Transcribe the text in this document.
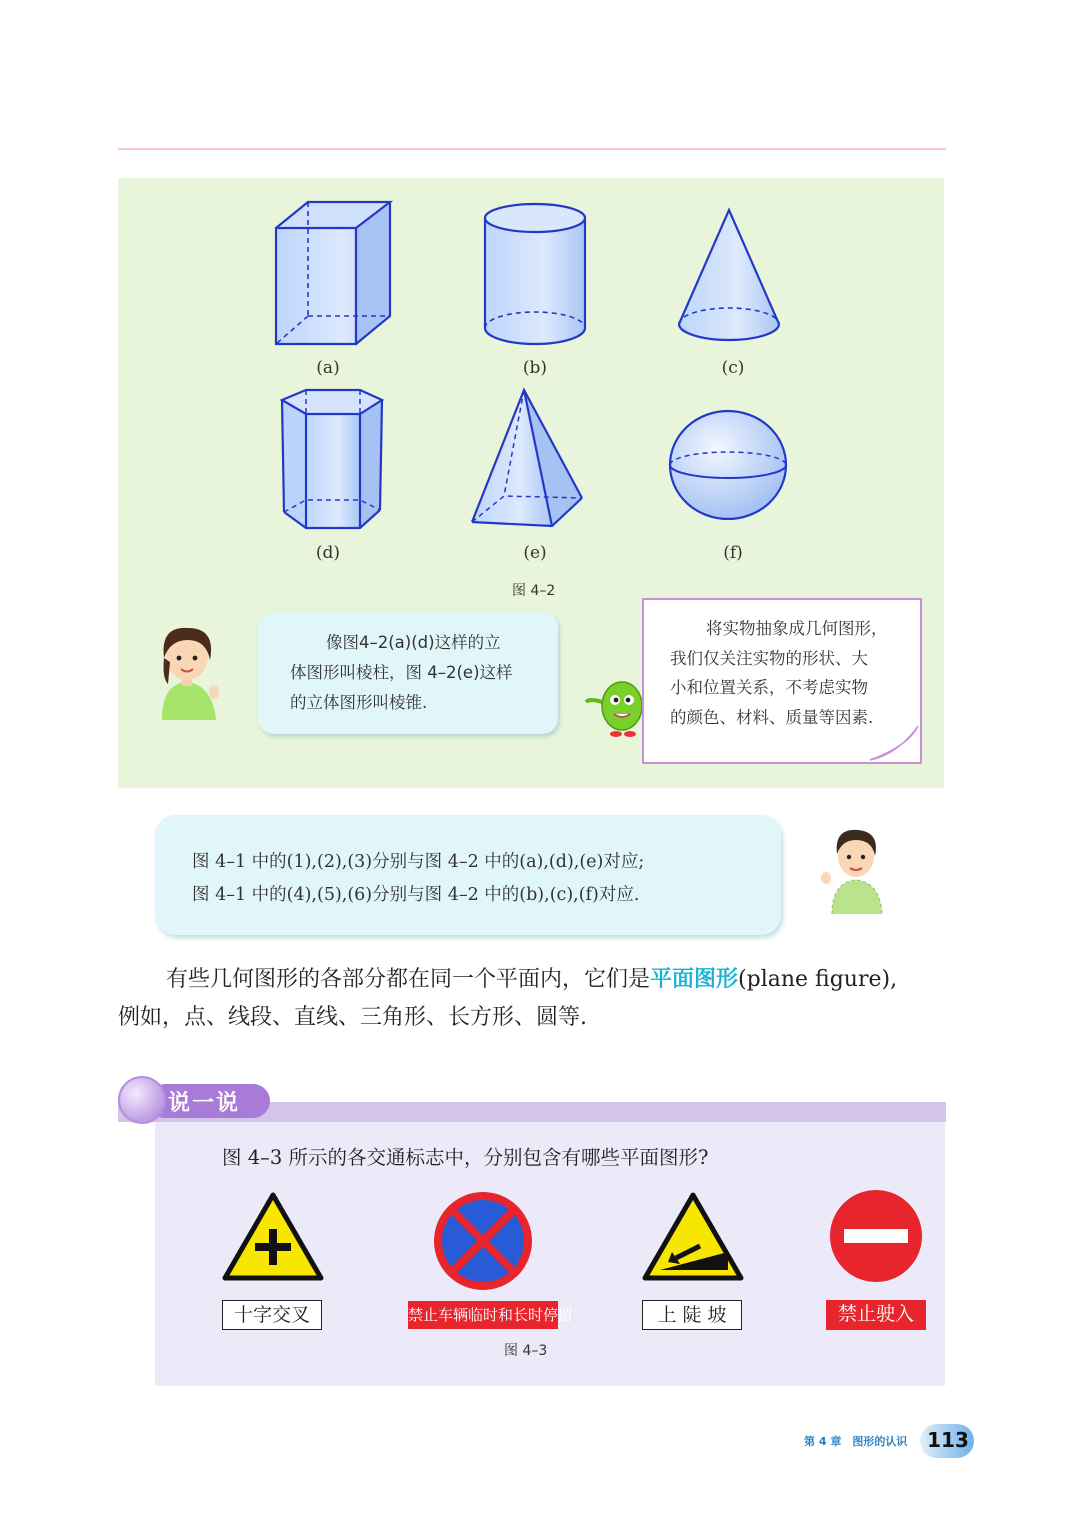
(a)	(b)	(c)
(d)	(e)	(f)
图 4–2
像图4–2(a)(d)这样的立
体图形叫棱柱，图 4–2(e)这样
的立体图形叫棱锥.
将实物抽象成几何图形，
我们仅关注实物的形状、大
小和位置关系，不考虑实物
的颜色、材料、质量等因素.
图 4–1 中的(1),(2),(3)分别与图 4–2 中的(a),(d),(e)对应;
图 4–1 中的(4),(5),(6)分别与图 4–2 中的(b),(c),(f)对应.
有些几何图形的各部分都在同一个平面内，它们是平面图形(plane figure),
例如，点、线段、直线、三角形、长方形、圆等.
说一说
图 4–3 所示的各交通标志中，分别包含有哪些平面图形?
十字交叉	禁止车辆临时和长时停留	上 陡 坡	禁止驶入
图 4–3
第 4 章　图形的认识 113
